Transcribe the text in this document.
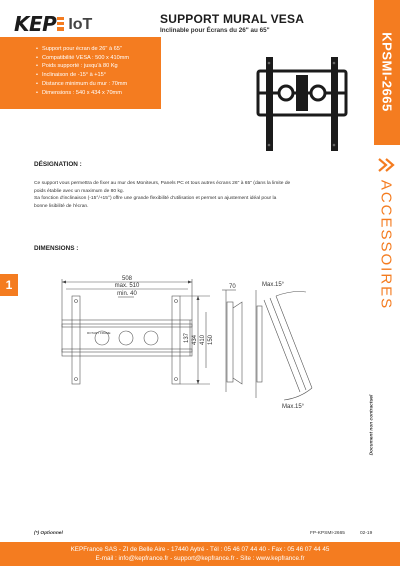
KEP IoT	SUPPORT MURAL VESA
Inclinable pour Écrans du 26" au 65"
KPSMI-2665
ACCESSOIRES
Document non contractuel
• Support pour écran de 26" à 65"
• Compatibilité VESA : 500 x 410mm
• Poids supporté : jusqu'à 80 Kg
• Inclinaison de -15° à +15°
• Distance minimum du mur : 70mm
• Dimensions : 540 x 434 x 70mm
DÉSIGNATION :
Ce support vous permettra de fixer au mur des Moniteurs, Panels PC et tous autres écrans 26" à 65" (dans la limite de
poids établie avec un maximum de 80 kg.
Sa fonction d'inclinaison (-15°/+15°) offre une grande flexibilité d'utilisation et permet un ajustement idéal pour la
bonne lisibilité de l'écran.
DIMENSIONS :
1	508
max. 510
min. 40
ROTARY FRAME
70	Max.15°
Max.15°
137 434 410 150
(*) Optionnel	FP-KPSMI-2665	02-19
KEPFrance SAS - ZI de Belle Aire - 17440 Aytré - Tél : 05 46 07 44 40 - Fax : 05 46 07 44 45
E-mail : info@kepfrance.fr - support@kepfrance.fr - Site : www.kepfrance.fr
